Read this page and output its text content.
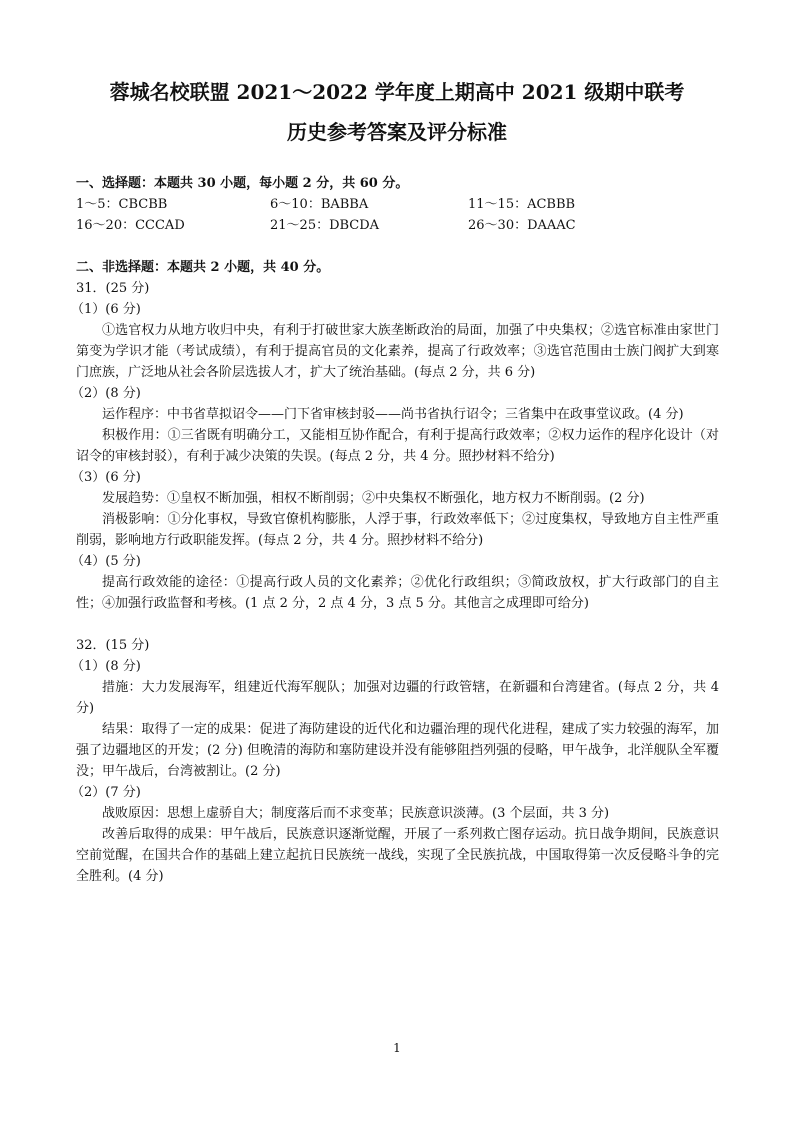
蓉城名校联盟 2021～2022 学年度上期高中 2021 级期中联考
历史参考答案及评分标准
一、选择题：本题共 30 小题，每小题 2 分，共 60 分。
1～5：CBCBB	6～10：BABBA	11～15：ACBBB
16～20：CCCAD	21～25：DBCDA	26～30：DAAAC
二、非选择题：本题共 2 小题，共 40 分。
31．(25 分)
（1）(6 分)
①选官权力从地方收归中央，有利于打破世家大族垄断政治的局面，加强了中央集权；②选官标准由家世门第变为学识才能（考试成绩），有利于提高官员的文化素养，提高了行政效率；③选官范围由士族门阀扩大到寒门庶族，广泛地从社会各阶层选拔人才，扩大了统治基础。(每点 2 分，共 6 分)
（2）(8 分)
运作程序：中书省草拟诏令——门下省审核封驳——尚书省执行诏令；三省集中在政事堂议政。(4 分)
积极作用：①三省既有明确分工，又能相互协作配合，有利于提高行政效率；②权力运作的程序化设计（对诏令的审核封驳），有利于减少决策的失误。(每点 2 分，共 4 分。照抄材料不给分)
（3）(6 分)
发展趋势：①皇权不断加强，相权不断削弱；②中央集权不断强化，地方权力不断削弱。(2 分)
消极影响：①分化事权，导致官僚机构膨胀，人浮于事，行政效率低下；②过度集权，导致地方自主性严重削弱，影响地方行政职能发挥。(每点 2 分，共 4 分。照抄材料不给分)
（4）(5 分)
提高行政效能的途径：①提高行政人员的文化素养；②优化行政组织；③简政放权，扩大行政部门的自主性；④加强行政监督和考核。(1 点 2 分，2 点 4 分，3 点 5 分。其他言之成理即可给分)
32．(15 分)
（1）(8 分)
措施：大力发展海军，组建近代海军舰队；加强对边疆的行政管辖，在新疆和台湾建省。(每点 2 分，共 4 分)
结果：取得了一定的成果：促进了海防建设的近代化和边疆治理的现代化进程，建成了实力较强的海军，加强了边疆地区的开发；(2 分) 但晚清的海防和塞防建设并没有能够阻挡列强的侵略，甲午战争，北洋舰队全军覆没；甲午战后，台湾被割让。(2 分)
（2）(7 分)
战败原因：思想上虚骄自大；制度落后而不求变革；民族意识淡薄。(3 个层面，共 3 分)
改善后取得的成果：甲午战后，民族意识逐渐觉醒，开展了一系列救亡图存运动。抗日战争期间，民族意识空前觉醒，在国共合作的基础上建立起抗日民族统一战线，实现了全民族抗战，中国取得第一次反侵略斗争的完全胜利。(4 分)
1
